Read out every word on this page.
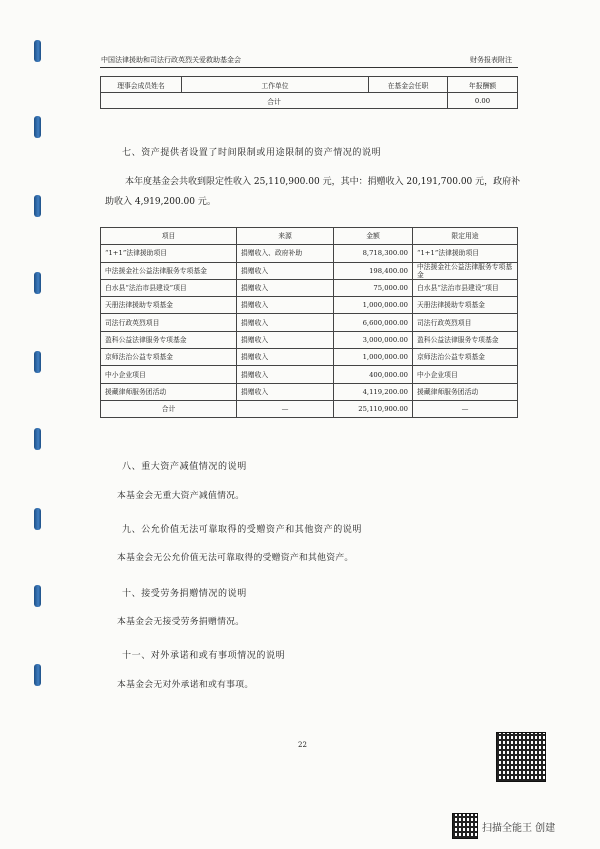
中国法律援助和司法行政英烈关爱救助基金会	财务报表附注
理事会成员姓名	工作单位	在基金会任职	年报酬额
合计			0.00
七、资产提供者设置了时间限制或用途限制的资产情况的说明
本年度基金会共收到限定性收入 25,110,900.00 元，其中：捐赠收入 20,191,700.00 元，政府补助收入 4,919,200.00 元。
项目	来源	金额	限定用途
“1+1”法律援助项目	捐赠收入、政府补助	8,718,300.00	“1+1”法律援助项目
中法援金社公益法律服务专项基金	捐赠收入	198,400.00	中法援金社公益法律服务专项基金
白水县“法治市县建设”项目	捐赠收入	75,000.00	白水县“法治市县建设”项目
天册法律援助专项基金	捐赠收入	1,000,000.00	天册法律援助专项基金
司法行政英烈项目	捐赠收入	6,600,000.00	司法行政英烈项目
盈科公益法律服务专项基金	捐赠收入	3,000,000.00	盈科公益法律服务专项基金
京师法治公益专项基金	捐赠收入	1,000,000.00	京师法治公益专项基金
中小企业项目	捐赠收入	400,000.00	中小企业项目
援藏律师服务团活动	捐赠收入	4,119,200.00	援藏律师服务团活动
合计	—	25,110,900.00	—
八、重大资产减值情况的说明
本基金会无重大资产减值情况。
九、公允价值无法可靠取得的受赠资产和其他资产的说明
本基金会无公允价值无法可靠取得的受赠资产和其他资产。
十、接受劳务捐赠情况的说明
本基金会无接受劳务捐赠情况。
十一、对外承诺和或有事项情况的说明
本基金会无对外承诺和或有事项。
22
扫描全能王 创建
